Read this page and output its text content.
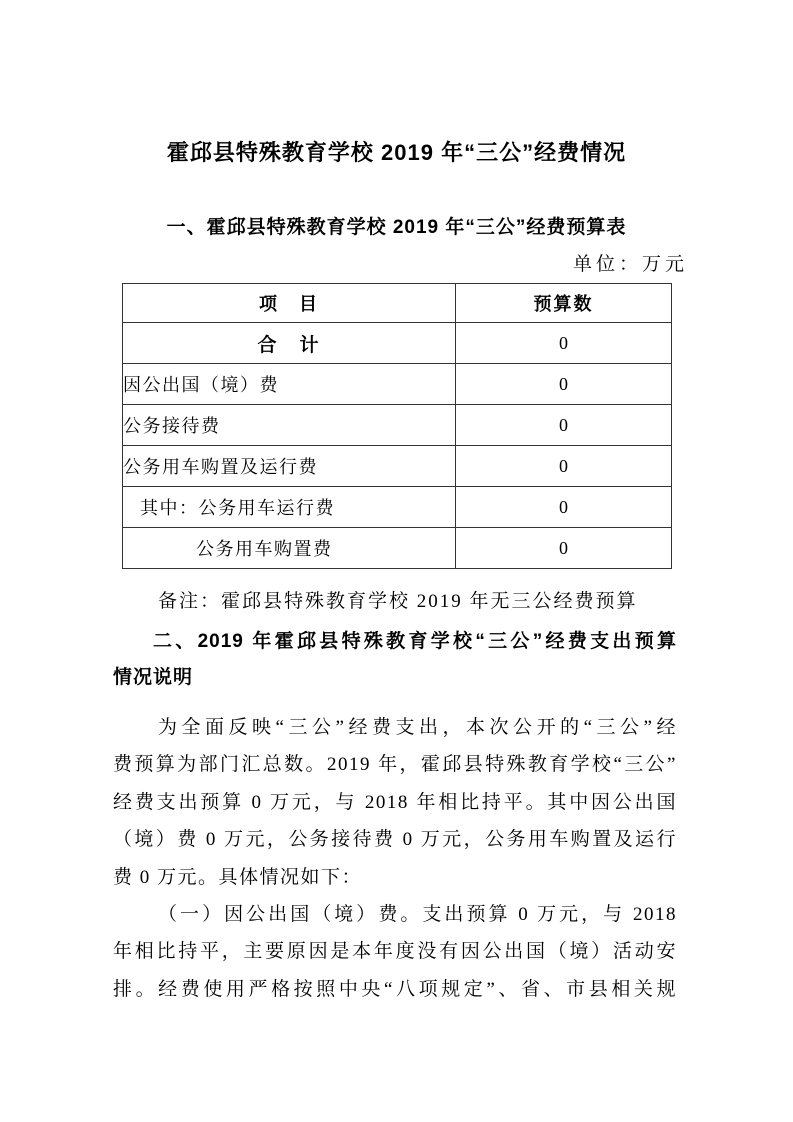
霍邱县特殊教育学校 2019 年“三公”经费情况
一、霍邱县特殊教育学校 2019 年“三公”经费预算表
单位：万元
项　目	预算数
合　计	0
因公出国（境）费	0
公务接待费	0
公务用车购置及运行费	0
其中：公务用车运行费	0
公务用车购置费	0
备注：霍邱县特殊教育学校 2019 年无三公经费预算
二、2019 年霍邱县特殊教育学校“三公”经费支出预算
情况说明
为全面反映“三公”经费支出，本次公开的“三公”经
费预算为部门汇总数。2019 年，霍邱县特殊教育学校“三公”
经费支出预算 0 万元，与 2018 年相比持平。其中因公出国
（境）费 0 万元，公务接待费 0 万元，公务用车购置及运行
费 0 万元。具体情况如下：
（一）因公出国（境）费。支出预算 0 万元，与 2018
年相比持平，主要原因是本年度没有因公出国（境）活动安
排。经费使用严格按照中央“八项规定”、省、市县相关规
